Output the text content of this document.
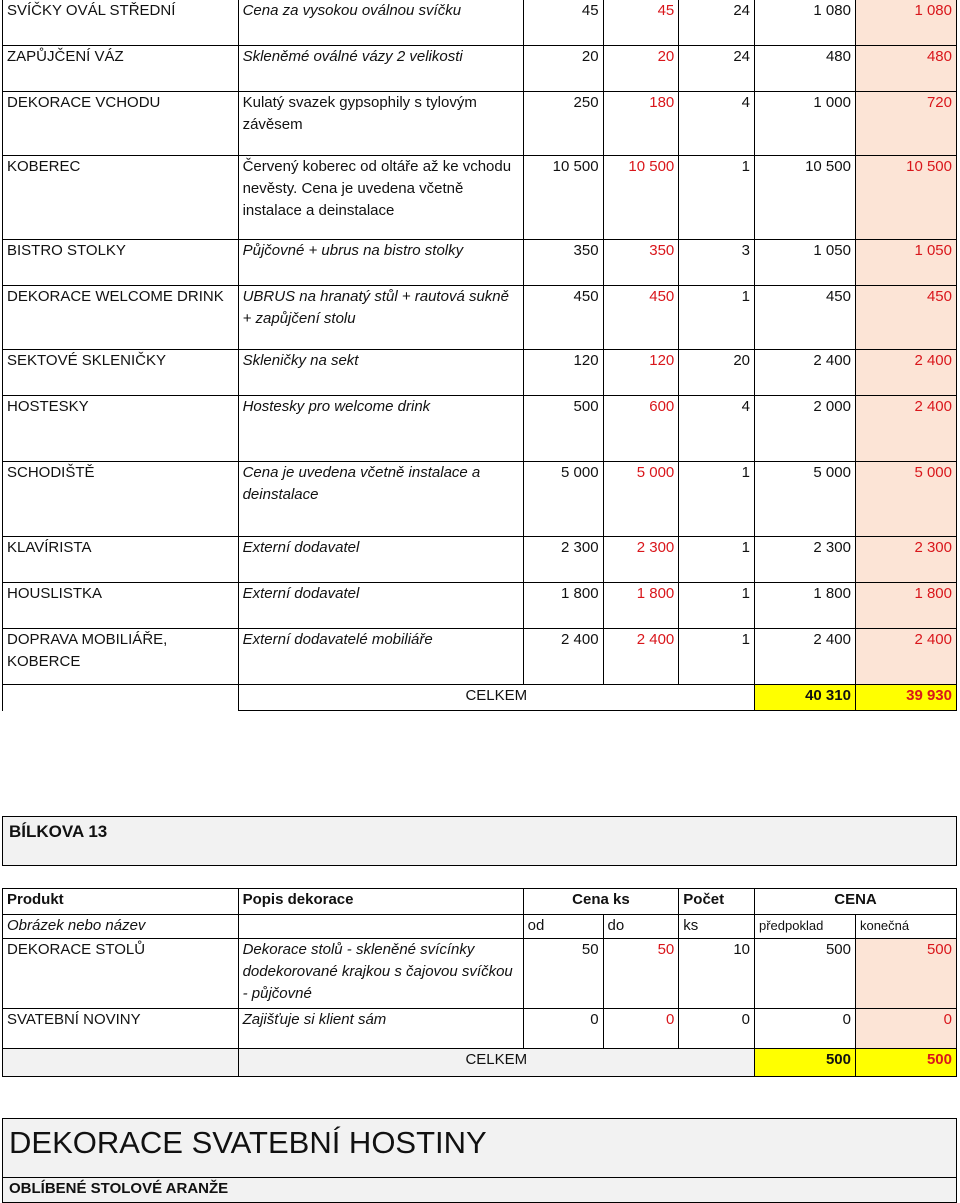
SVÍČKY OVÁL STŘEDNÍ	Cena za vysokou oválnou svíčku	45	45	24	1 080	1 080
ZAPŮJČENÍ VÁZ	Skleněmé oválné vázy 2 velikosti	20	20	24	480	480
DEKORACE VCHODU	Kulatý svazek gypsophily s tylovým závěsem	250	180	4	1 000	720
KOBEREC	Červený koberec od oltáře až ke vchodu nevěsty. Cena je uvedena včetně instalace a deinstalace	10 500	10 500	1	10 500	10 500
BISTRO STOLKY	Půjčovné + ubrus na bistro stolky	350	350	3	1 050	1 050
DEKORACE WELCOME DRINK	UBRUS na hranatý stůl + rautová sukně + zapůjčení stolu	450	450	1	450	450
SEKTOVÉ SKLENIČKY	Skleničky na sekt	120	120	20	2 400	2 400
HOSTESKY	Hostesky pro welcome drink	500	600	4	2 000	2 400
SCHODIŠTĚ	Cena je uvedena včetně instalace a deinstalace	5 000	5 000	1	5 000	5 000
KLAVÍRISTA	Externí dodavatel	2 300	2 300	1	2 300	2 300
HOUSLISTKA	Externí dodavatel	1 800	1 800	1	1 800	1 800
DOPRAVA MOBILIÁŘE, KOBERCE	Externí dodavatelé mobiliáře	2 400	2 400	1	2 400	2 400
	CELKEM				40 310	39 930
BÍLKOVA 13
Produkt	Popis dekorace	Cena ks		Počet	CENA	
Obrázek nebo název		od	do	ks	předpoklad	konečná
DEKORACE STOLŮ	Dekorace stolů - skleněné svícínky dodekorované krajkou s čajovou svíčkou - půjčovné	50	50	10	500	500
SVATEBNÍ NOVINY	Zajišťuje si klient sám	0	0	0	0	0
	CELKEM				500	500
DEKORACE SVATEBNÍ HOSTINY
OBLÍBENÉ STOLOVÉ ARANŽE
